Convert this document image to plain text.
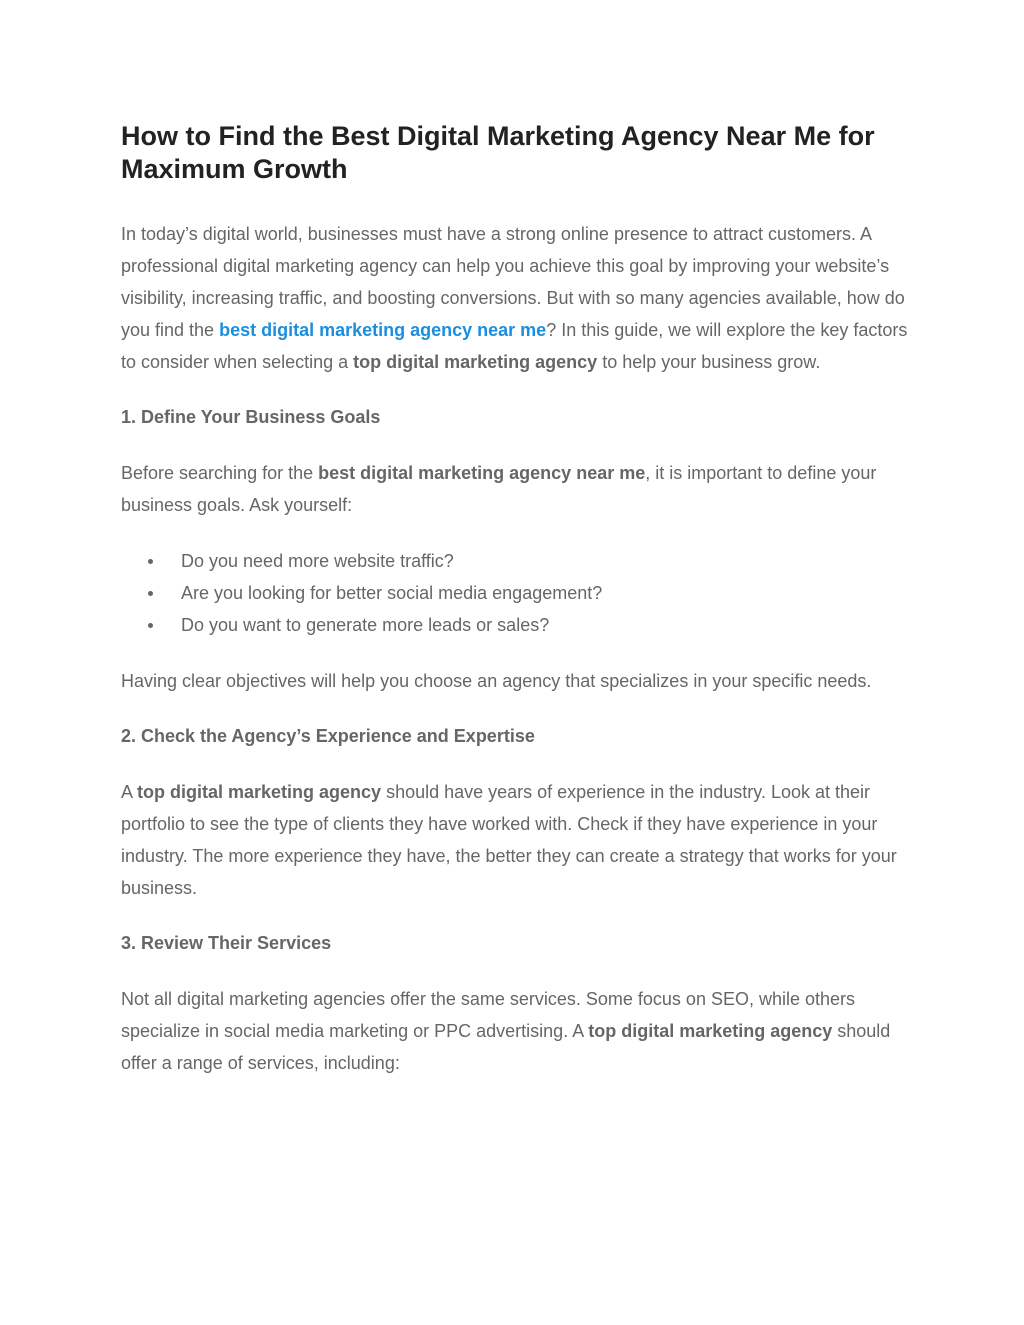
How to Find the Best Digital Marketing Agency Near Me for Maximum Growth

In today’s digital world, businesses must have a strong online presence to attract customers. A professional digital marketing agency can help you achieve this goal by improving your website’s visibility, increasing traffic, and boosting conversions. But with so many agencies available, how do you find the best digital marketing agency near me? In this guide, we will explore the key factors to consider when selecting a top digital marketing agency to help your business grow.

1. Define Your Business Goals

Before searching for the best digital marketing agency near me, it is important to define your business goals. Ask yourself:

Do you need more website traffic?
Are you looking for better social media engagement?
Do you want to generate more leads or sales?

Having clear objectives will help you choose an agency that specializes in your specific needs.

2. Check the Agency’s Experience and Expertise

A top digital marketing agency should have years of experience in the industry. Look at their portfolio to see the type of clients they have worked with. Check if they have experience in your industry. The more experience they have, the better they can create a strategy that works for your business.

3. Review Their Services

Not all digital marketing agencies offer the same services. Some focus on SEO, while others specialize in social media marketing or PPC advertising. A top digital marketing agency should offer a range of services, including:
